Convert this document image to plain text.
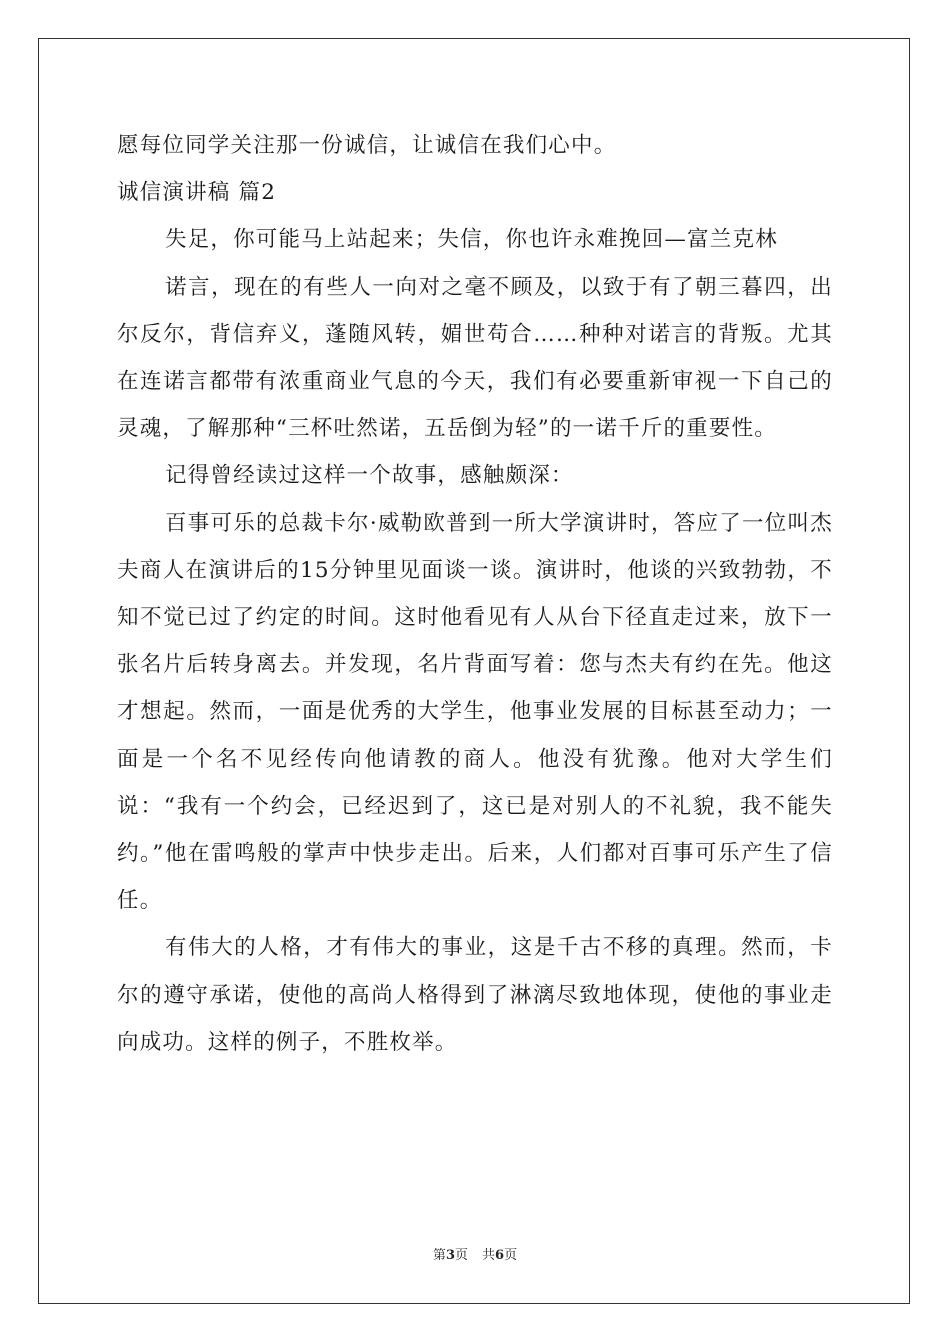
愿每位同学关注那一份诚信，让诚信在我们心中。

诚信演讲稿 篇2

失足，你可能马上站起来；失信，你也许永难挽回—富兰克林

诺言，现在的有些人一向对之毫不顾及，以致于有了朝三暮四，出尔反尔，背信弃义，蓬随风转，媚世苟合……种种对诺言的背叛。尤其在连诺言都带有浓重商业气息的今天，我们有必要重新审视一下自己的灵魂，了解那种“三杯吐然诺，五岳倒为轻”的一诺千斤的重要性。

记得曾经读过这样一个故事，感触颇深：

百事可乐的总裁卡尔·威勒欧普到一所大学演讲时，答应了一位叫杰夫商人在演讲后的15分钟里见面谈一谈。演讲时，他谈的兴致勃勃，不知不觉已过了约定的时间。这时他看见有人从台下径直走过来，放下一张名片后转身离去。并发现，名片背面写着：您与杰夫有约在先。他这才想起。然而，一面是优秀的大学生，他事业发展的目标甚至动力；一面是一个名不见经传向他请教的商人。他没有犹豫。他对大学生们说：“我有一个约会，已经迟到了，这已是对别人的不礼貌，我不能失约。”他在雷鸣般的掌声中快步走出。后来，人们都对百事可乐产生了信任。

有伟大的人格，才有伟大的事业，这是千古不移的真理。然而，卡尔的遵守承诺，使他的高尚人格得到了淋漓尽致地体现，使他的事业走向成功。这样的例子，不胜枚举。

第3页 共6页
